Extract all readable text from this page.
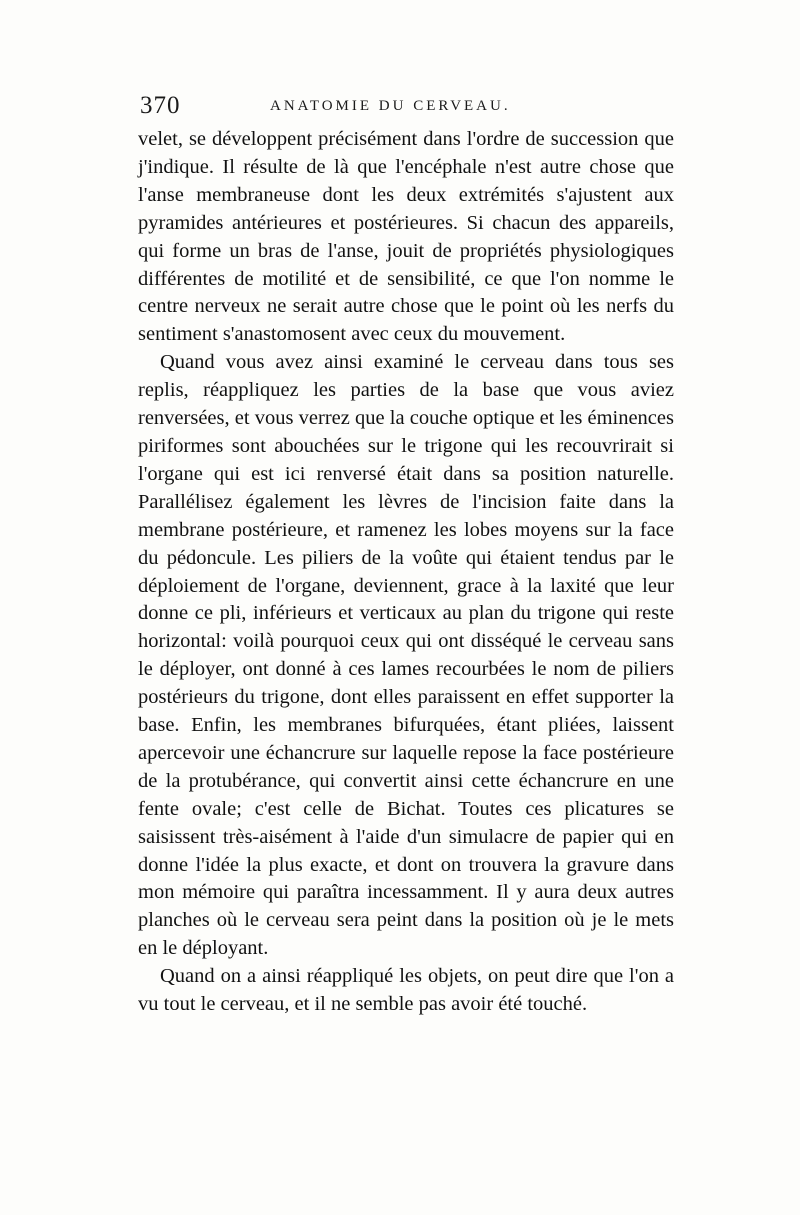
370	ANATOMIE DU CERVEAU.

velet, se développent précisément dans l'ordre de succession que j'indique. Il résulte de là que l'encéphale n'est autre chose que l'anse membraneuse dont les deux extrémités s'ajustent aux pyramides antérieures et postérieures. Si chacun des appareils, qui forme un bras de l'anse, jouit de propriétés physiologiques différentes de motilité et de sensibilité, ce que l'on nomme le centre nerveux ne serait autre chose que le point où les nerfs du sentiment s'anastomosent avec ceux du mouvement.

Quand vous avez ainsi examiné le cerveau dans tous ses replis, réappliquez les parties de la base que vous aviez renversées, et vous verrez que la couche optique et les éminences piriformes sont abouchées sur le trigone qui les recouvrirait si l'organe qui est ici renversé était dans sa position naturelle. Parallélisez également les lèvres de l'incision faite dans la membrane postérieure, et ramenez les lobes moyens sur la face du pédoncule. Les piliers de la voûte qui étaient tendus par le déploiement de l'organe, deviennent, grace à la laxité que leur donne ce pli, inférieurs et verticaux au plan du trigone qui reste horizontal: voilà pourquoi ceux qui ont disséqué le cerveau sans le déployer, ont donné à ces lames recourbées le nom de piliers postérieurs du trigone, dont elles paraissent en effet supporter la base. Enfin, les membranes bifurquées, étant pliées, laissent apercevoir une échancrure sur laquelle repose la face postérieure de la protubérance, qui convertit ainsi cette échancrure en une fente ovale; c'est celle de Bichat. Toutes ces plicatures se saisissent très-aisément à l'aide d'un simulacre de papier qui en donne l'idée la plus exacte, et dont on trouvera la gravure dans mon mémoire qui paraîtra incessamment. Il y aura deux autres planches où le cerveau sera peint dans la position où je le mets en le déployant.

Quand on a ainsi réappliqué les objets, on peut dire que l'on a vu tout le cerveau, et il ne semble pas avoir été touché.
